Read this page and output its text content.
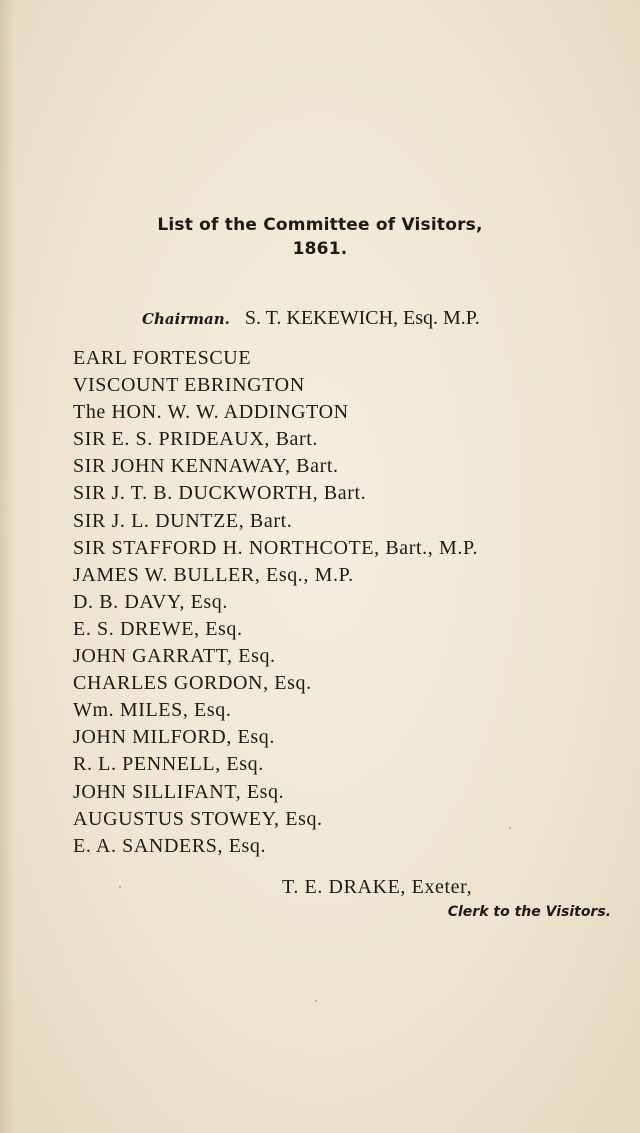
List of the Committee of Visitors,
1861.
Chairman. S. T. KEKEWICH, Esq. M.P.
EARL FORTESCUE
VISCOUNT EBRINGTON
The HON. W. W. ADDINGTON
SIR E. S. PRIDEAUX, Bart.
SIR JOHN KENNAWAY, Bart.
SIR J. T. B. DUCKWORTH, Bart.
SIR J. L. DUNTZE, Bart.
SIR STAFFORD H. NORTHCOTE, Bart., M.P.
JAMES W. BULLER, Esq., M.P.
D. B. DAVY, Esq.
E. S. DREWE, Esq.
JOHN GARRATT, Esq.
CHARLES GORDON, Esq.
Wm. MILES, Esq.
JOHN MILFORD, Esq.
R. L. PENNELL, Esq.
JOHN SILLIFANT, Esq.
AUGUSTUS STOWEY, Esq.
E. A. SANDERS, Esq.
T. E. DRAKE, Exeter,
Clerk to the Visitors.
